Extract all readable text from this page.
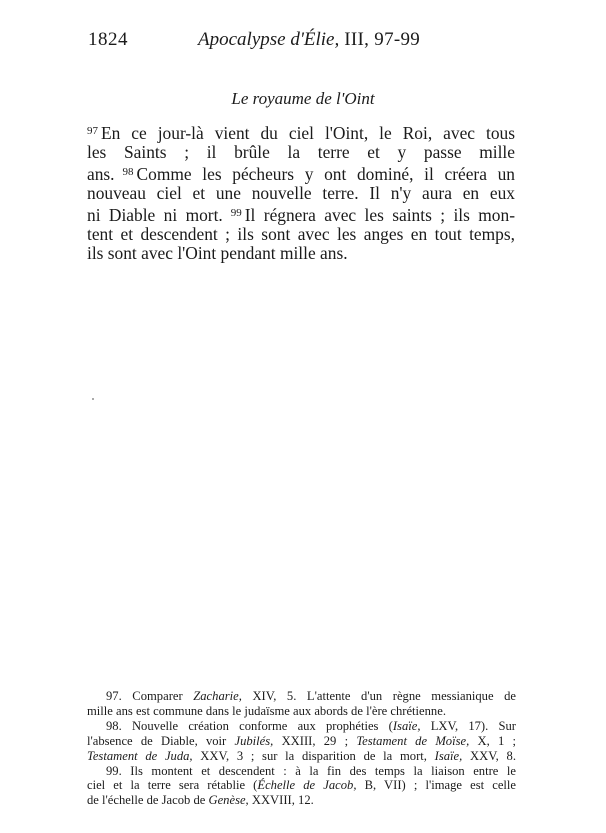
1824	Apocalypse d'Élie, III, 97-99
Le royaume de l'Oint
$^{97}$ En ce jour-là vient du ciel l'Oint, le Roi, avec tous
les Saints ; il brûle la terre et y passe mille
ans. $^{98}$ Comme les pécheurs y ont dominé, il créera un
nouveau ciel et une nouvelle terre. Il n'y aura en eux
ni Diable ni mort. $^{99}$ Il régnera avec les saints ; ils mon-
tent et descendent ; ils sont avec les anges en tout temps,
ils sont avec l'Oint pendant mille ans.
97. Comparer Zacharie, XIV, 5. L'attente d'un règne messianique de
mille ans est commune dans le judaïsme aux abords de l'ère chrétienne.
98. Nouvelle création conforme aux prophéties (Isaïe, LXV, 17). Sur
l'absence de Diable, voir Jubilés, XXIII, 29 ; Testament de Moïse, X, 1 ;
Testament de Juda, XXV, 3 ; sur la disparition de la mort, Isaïe, XXV, 8.
99. Ils montent et descendent : à la fin des temps la liaison entre le
ciel et la terre sera rétablie (Échelle de Jacob, B, VII) ; l'image est celle
de l'échelle de Jacob de Genèse, XXVIII, 12.
